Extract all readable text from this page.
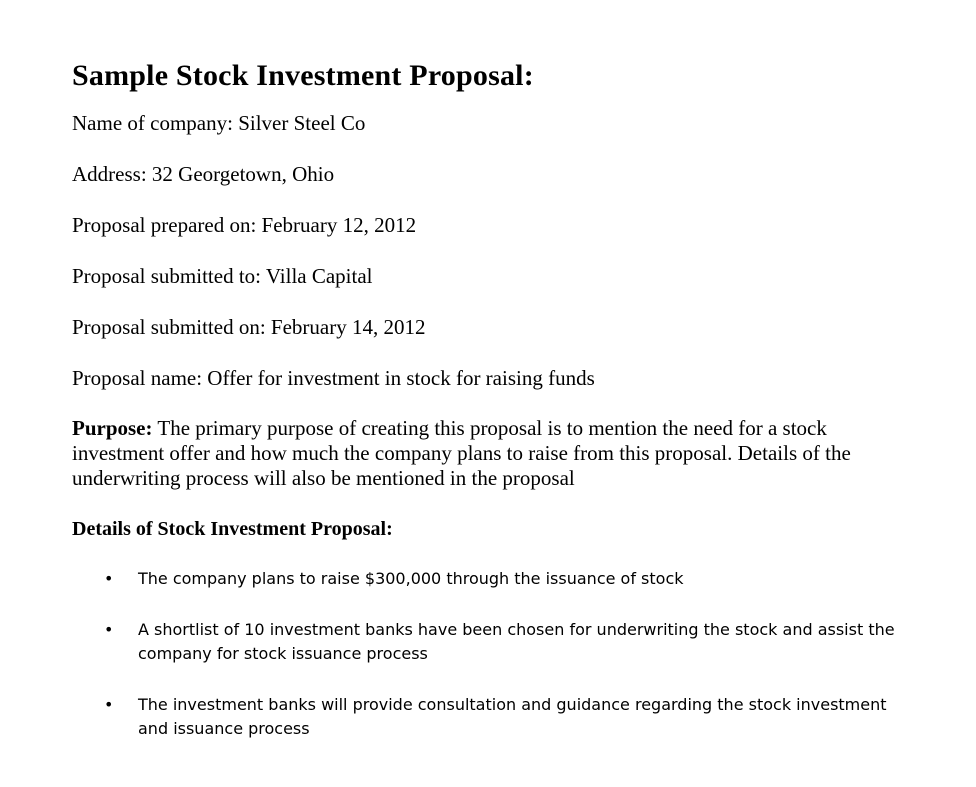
Sample Stock Investment Proposal:

Name of company: Silver Steel Co

Address: 32 Georgetown, Ohio

Proposal prepared on: February 12, 2012

Proposal submitted to: Villa Capital

Proposal submitted on: February 14, 2012

Proposal name: Offer for investment in stock for raising funds

Purpose: The primary purpose of creating this proposal is to mention the need for a stock investment offer and how much the company plans to raise from this proposal. Details of the underwriting process will also be mentioned in the proposal

Details of Stock Investment Proposal:
• The company plans to raise $300,000 through the issuance of stock
• A shortlist of 10 investment banks have been chosen for underwriting the stock and assist the company for stock issuance process
• The investment banks will provide consultation and guidance regarding the stock investment and issuance process
